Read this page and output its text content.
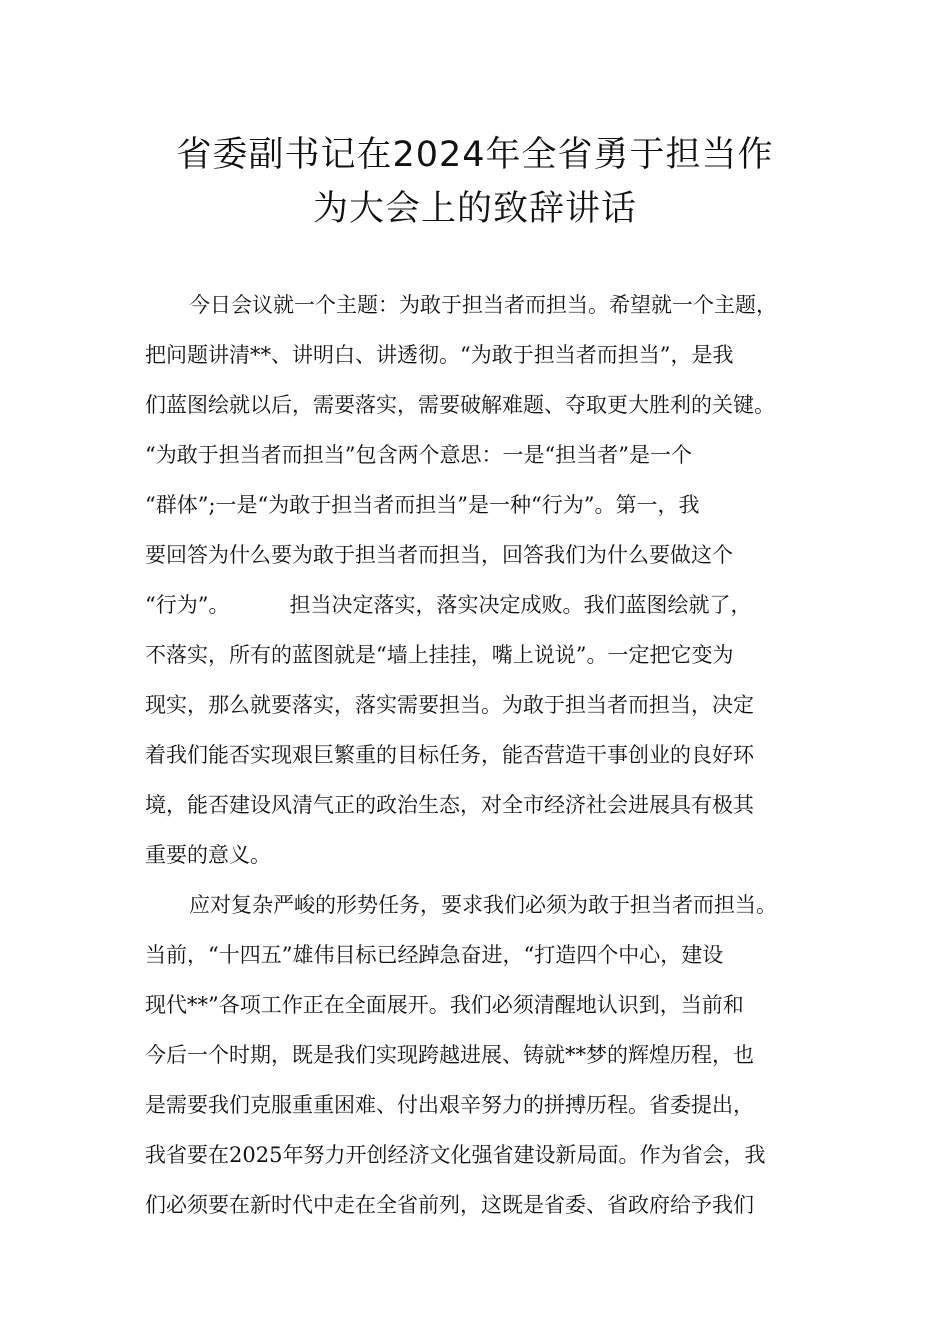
省委副书记在2024年全省勇于担当作
为大会上的致辞讲话
今日会议就一个主题：为敢于担当者而担当。希望就一个主题，
把问题讲清**、讲明白、讲透彻。“为敢于担当者而担当”，是我
们蓝图绘就以后，需要落实，需要破解难题、夺取更大胜利的关键。
“为敢于担当者而担当”包含两个意思：一是“担当者”是一个
“群体”;一是“为敢于担当者而担当”是一种“行为”。第一，我
要回答为什么要为敢于担当者而担当，回答我们为什么要做这个
“行为”。	担当决定落实，落实决定成败。我们蓝图绘就了，
不落实，所有的蓝图就是“墙上挂挂，嘴上说说”。一定把它变为
现实，那么就要落实，落实需要担当。为敢于担当者而担当，决定
着我们能否实现艰巨繁重的目标任务，能否营造干事创业的良好环
境，能否建设风清气正的政治生态，对全市经济社会进展具有极其
重要的意义。
应对复杂严峻的形势任务，要求我们必须为敢于担当者而担当。
当前，“十四五”雄伟目标已经踔急奋进，“打造四个中心，建设
现代**”各项工作正在全面展开。我们必须清醒地认识到，当前和
今后一个时期，既是我们实现跨越进展、铸就**梦的辉煌历程，也
是需要我们克服重重困难、付出艰辛努力的拼搏历程。省委提出，
我省要在2025年努力开创经济文化强省建设新局面。作为省会，我
们必须要在新时代中走在全省前列，这既是省委、省政府给予我们
